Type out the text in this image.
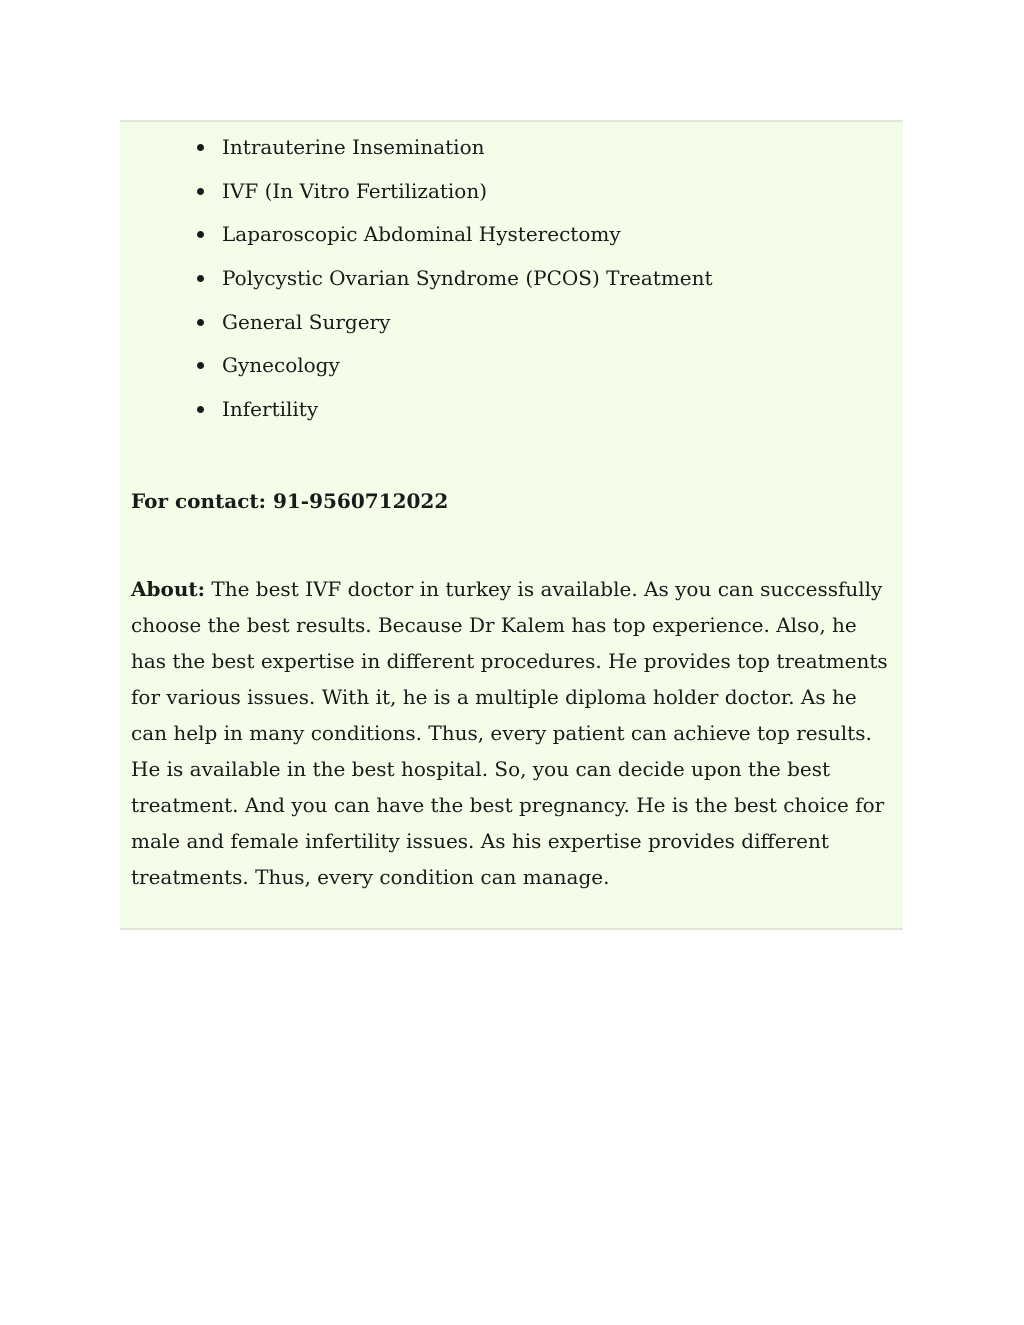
Intrauterine Insemination
IVF (In Vitro Fertilization)
Laparoscopic Abdominal Hysterectomy
Polycystic Ovarian Syndrome (PCOS) Treatment
General Surgery
Gynecology
Infertility
For contact: 91-9560712022

About: The best IVF doctor in turkey is available. As you can successfully choose the best results. Because Dr Kalem has top experience. Also, he has the best expertise in different procedures. He provides top treatments for various issues. With it, he is a multiple diploma holder doctor. As he can help in many conditions. Thus, every patient can achieve top results. He is available in the best hospital. So, you can decide upon the best treatment. And you can have the best pregnancy. He is the best choice for male and female infertility issues. As his expertise provides different treatments. Thus, every condition can manage.
